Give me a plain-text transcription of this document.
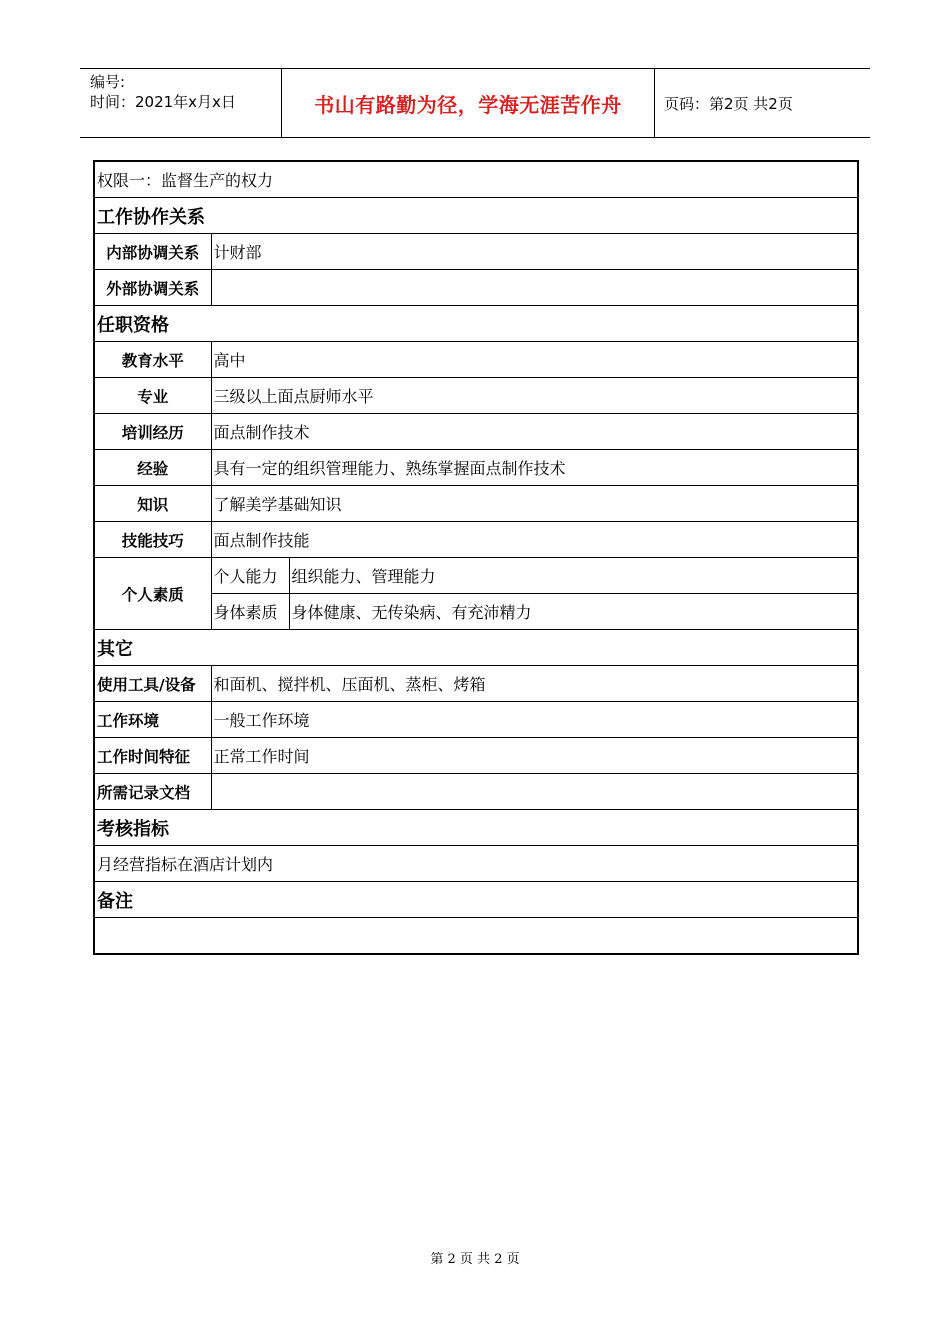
编号:
时间：2021年x月x日	书山有路勤为径，学海无涯苦作舟	页码：第2页 共2页
权限一：监督生产的权力		
工作协作关系		
内部协调关系	计财部	
外部协调关系		
任职资格		
教育水平	高中	
专业	三级以上面点厨师水平	
培训经历	面点制作技术	
经验	具有一定的组织管理能力、熟练掌握面点制作技术	
知识	了解美学基础知识	
技能技巧	面点制作技能	
个人素质	个人能力	组织能力、管理能力
	身体素质	身体健康、无传染病、有充沛精力
其它		
使用工具/设备	和面机、搅拌机、压面机、蒸柜、烤箱	
工作环境	一般工作环境	
工作时间特征	正常工作时间	
所需记录文档		
考核指标		
月经营指标在酒店计划内		
备注		

第 2 页 共 2 页
